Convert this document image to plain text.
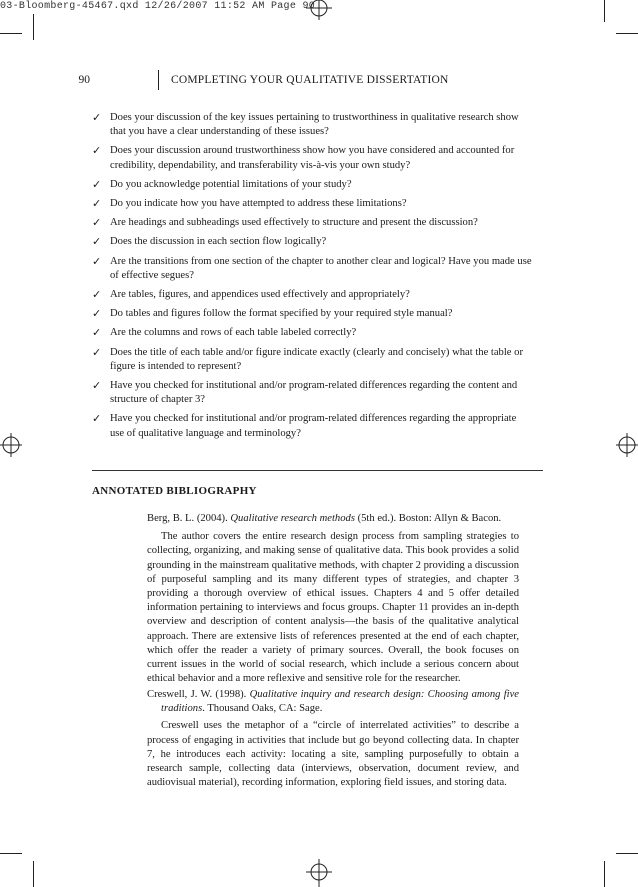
03-Bloomberg-45467.qxd 12/26/2007 11:52 AM Page 90
90	COMPLETING YOUR QUALITATIVE DISSERTATION
✓ Does your discussion of the key issues pertaining to trustworthiness in qualitative research show that you have a clear understanding of these issues?
✓ Does your discussion around trustworthiness show how you have considered and accounted for credibility, dependability, and transferability vis-à-vis your own study?
✓ Do you acknowledge potential limitations of your study?
✓ Do you indicate how you have attempted to address these limitations?
✓ Are headings and subheadings used effectively to structure and present the discussion?
✓ Does the discussion in each section flow logically?
✓ Are the transitions from one section of the chapter to another clear and logical? Have you made use of effective segues?
✓ Are tables, figures, and appendices used effectively and appropriately?
✓ Do tables and figures follow the format specified by your required style manual?
✓ Are the columns and rows of each table labeled correctly?
✓ Does the title of each table and/or figure indicate exactly (clearly and concisely) what the table or figure is intended to represent?
✓ Have you checked for institutional and/or program-related differences regarding the content and structure of chapter 3?
✓ Have you checked for institutional and/or program-related differences regarding the appropriate use of qualitative language and terminology?
ANNOTATED BIBLIOGRAPHY
Berg, B. L. (2004). Qualitative research methods (5th ed.). Boston: Allyn & Bacon.
The author covers the entire research design process from sampling strategies to collecting, organizing, and making sense of qualitative data. This book provides a solid grounding in the mainstream qualitative methods, with chapter 2 providing a discussion of purposeful sampling and its many different types of strategies, and chapter 3 providing a thorough overview of ethical issues. Chapters 4 and 5 offer detailed information pertaining to interviews and focus groups. Chapter 11 provides an in-depth overview and description of content analysis—the basis of the qualitative analytical approach. There are extensive lists of references presented at the end of each chapter, which offer the reader a variety of primary sources. Overall, the book focuses on current issues in the world of social research, which include a serious concern about ethical behavior and a more reflexive and sensitive role for the researcher.
Creswell, J. W. (1998). Qualitative inquiry and research design: Choosing among five traditions. Thousand Oaks, CA: Sage.
Creswell uses the metaphor of a “circle of interrelated activities” to describe a process of engaging in activities that include but go beyond collecting data. In chapter 7, he introduces each activity: locating a site, sampling purposefully to obtain a research sample, collecting data (interviews, observation, document review, and audiovisual material), recording information, exploring field issues, and storing data.
